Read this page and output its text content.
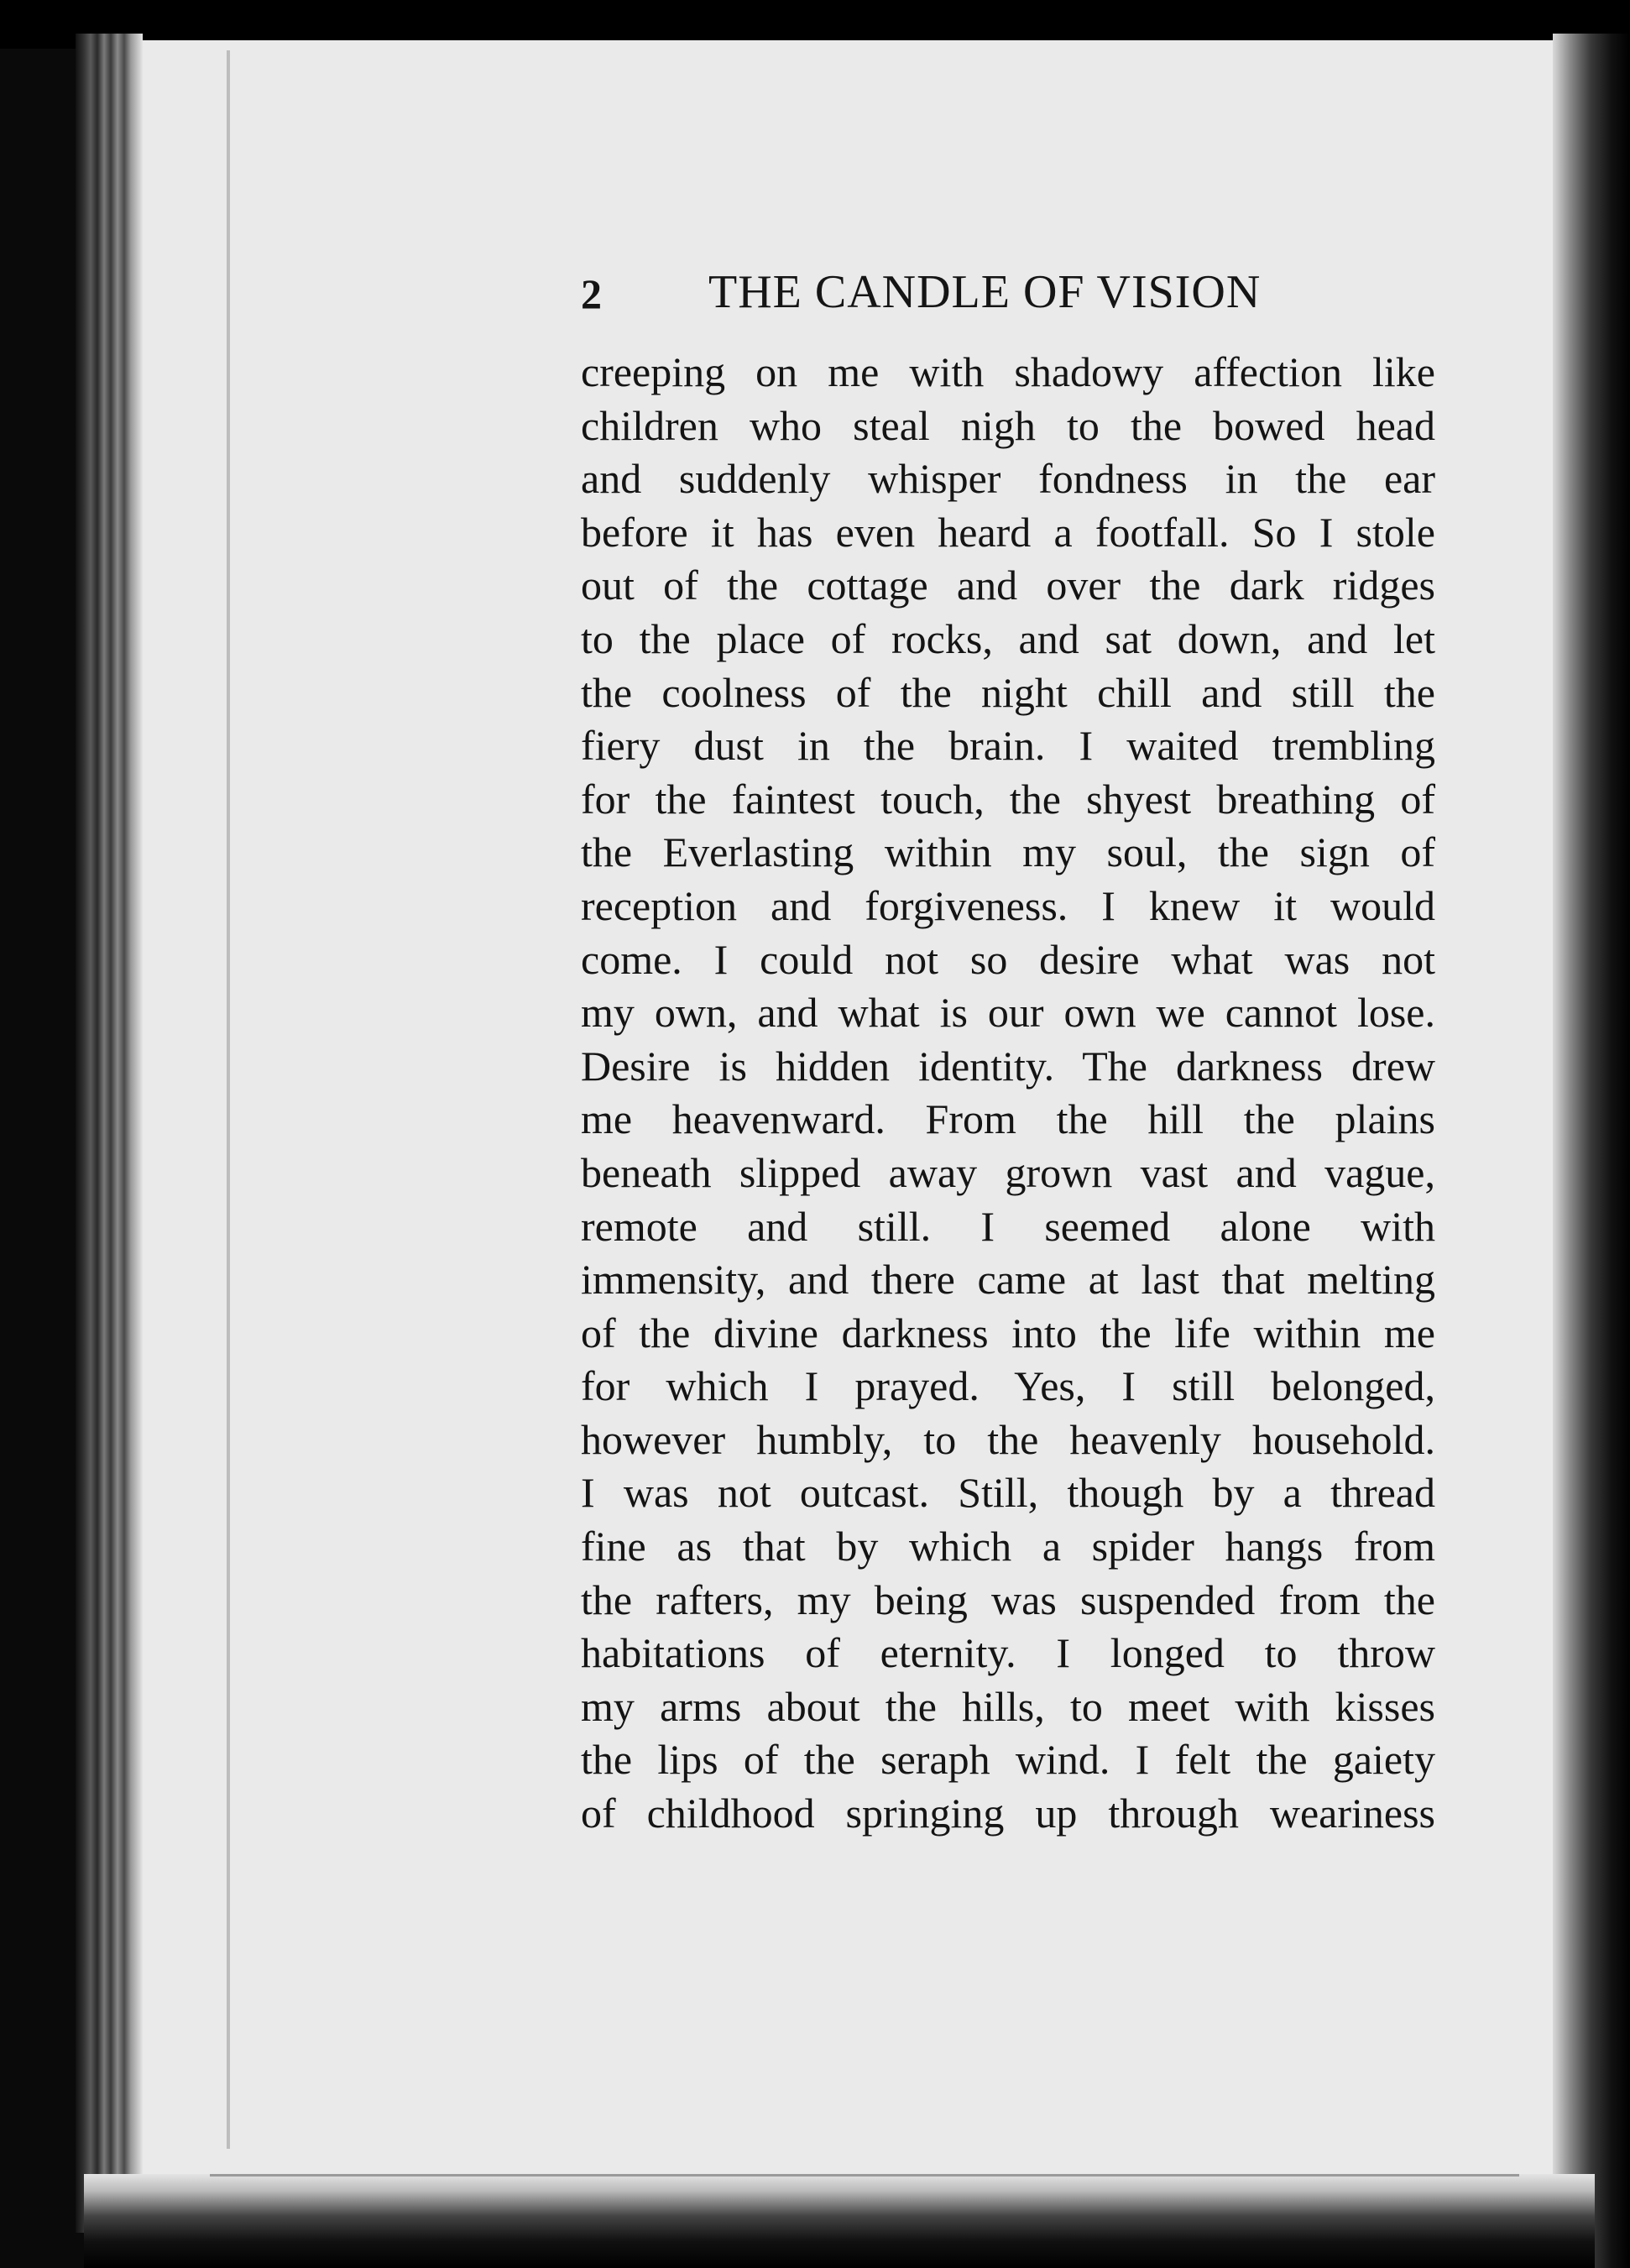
2 THE CANDLE OF VISION
creeping on me with shadowy affection like
children who steal nigh to the bowed head
and suddenly whisper fondness in the ear
before it has even heard a footfall. So I stole
out of the cottage and over the dark ridges
to the place of rocks, and sat down, and let
the coolness of the night chill and still the
fiery dust in the brain. I waited trembling
for the faintest touch, the shyest breathing of
the Everlasting within my soul, the sign of
reception and forgiveness. I knew it would
come. I could not so desire what was not
my own, and what is our own we cannot lose.
Desire is hidden identity. The darkness drew
me heavenward. From the hill the plains
beneath slipped away grown vast and vague,
remote and still. I seemed alone with
immensity, and there came at last that melting
of the divine darkness into the life within me
for which I prayed. Yes, I still belonged,
however humbly, to the heavenly household.
I was not outcast. Still, though by a thread
fine as that by which a spider hangs from
the rafters, my being was suspended from the
habitations of eternity. I longed to throw
my arms about the hills, to meet with kisses
the lips of the seraph wind. I felt the gaiety
of childhood springing up through weariness
